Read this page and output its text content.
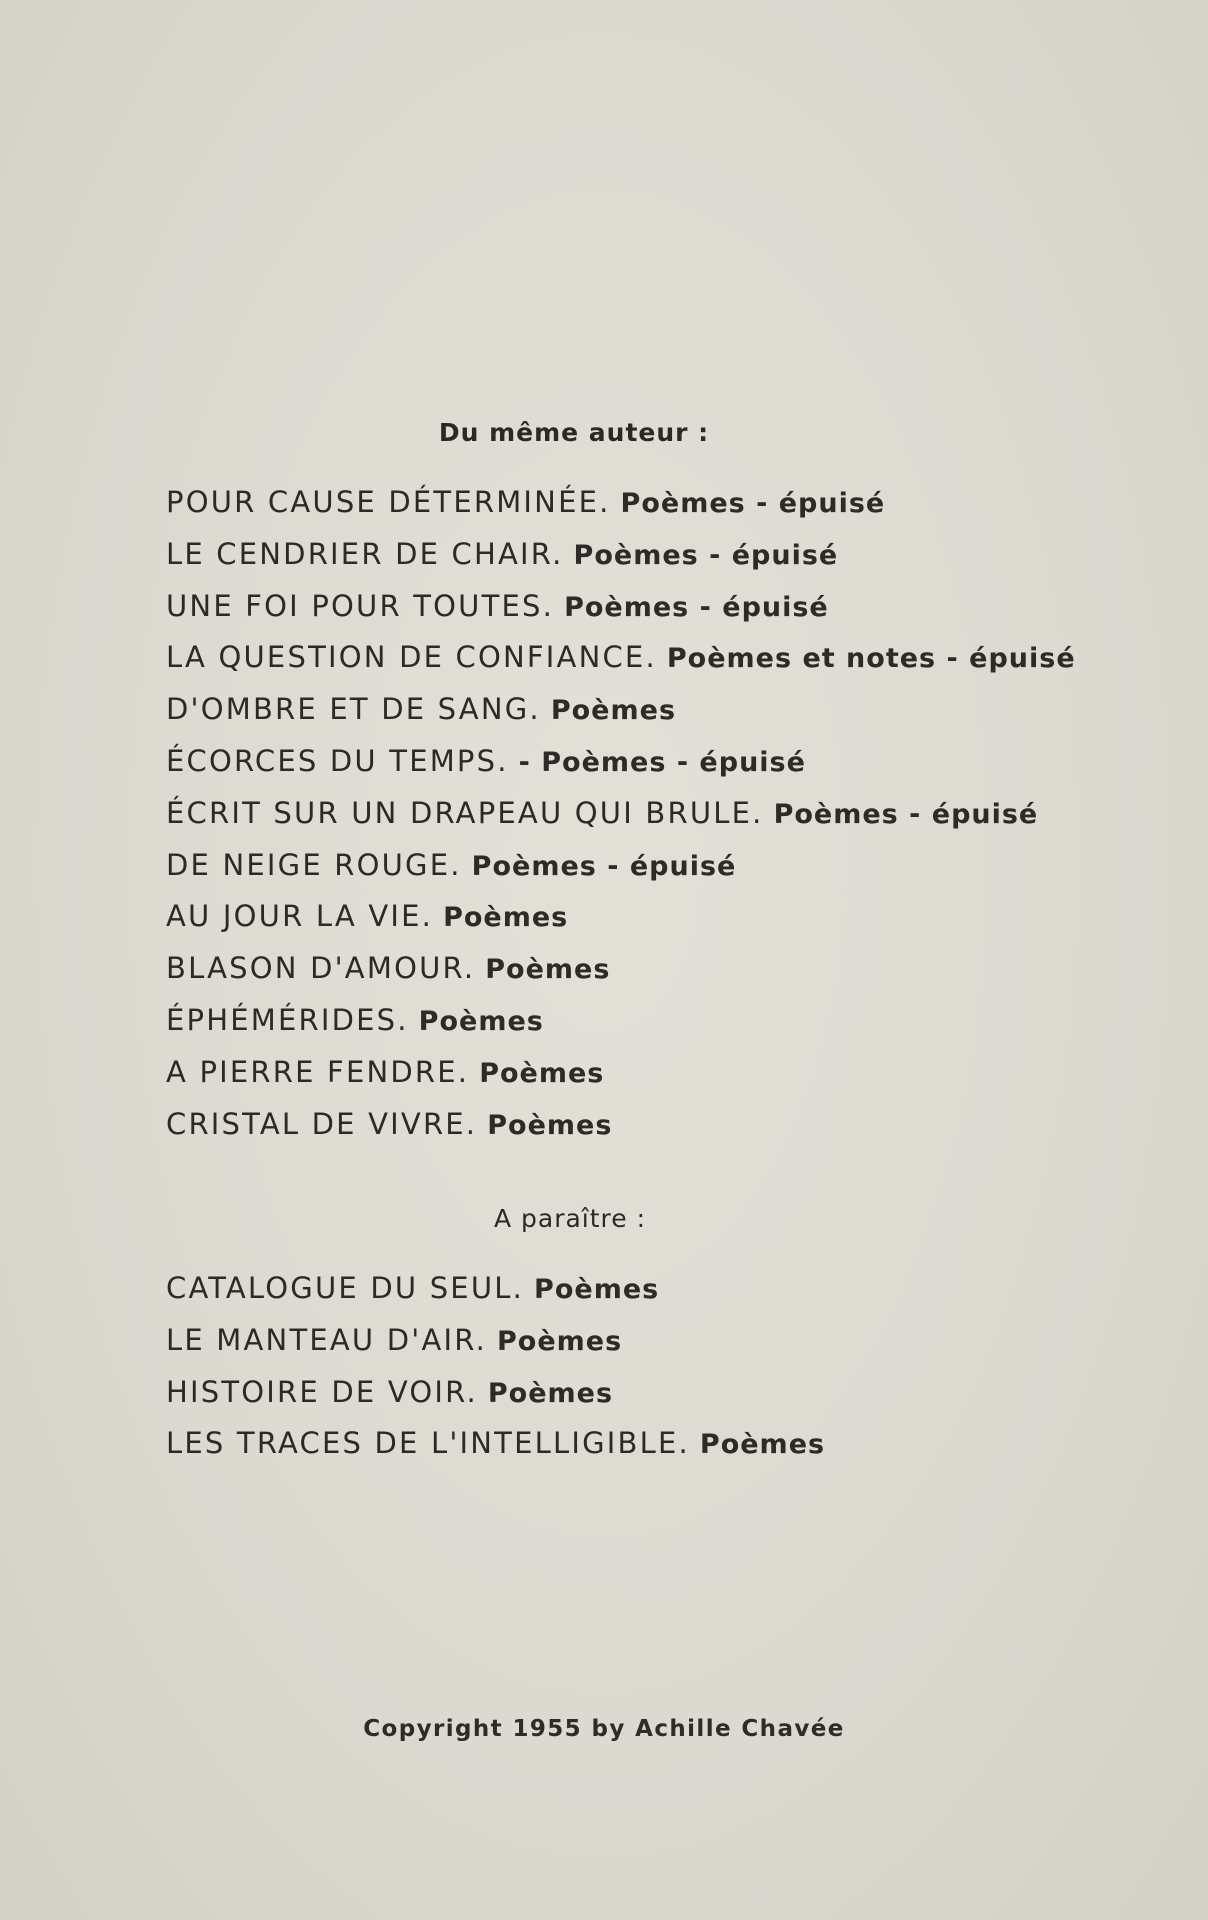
Du même auteur :
POUR CAUSE DÉTERMINÉE. Poèmes - épuisé
LE CENDRIER DE CHAIR. Poèmes - épuisé
UNE FOI POUR TOUTES. Poèmes - épuisé
LA QUESTION DE CONFIANCE. Poèmes et notes - épuisé
D'OMBRE ET DE SANG. Poèmes
ÉCORCES DU TEMPS. - Poèmes - épuisé
ÉCRIT SUR UN DRAPEAU QUI BRULE. Poèmes - épuisé
DE NEIGE ROUGE. Poèmes - épuisé
AU JOUR LA VIE. Poèmes
BLASON D'AMOUR. Poèmes
ÉPHÉMÉRIDES. Poèmes
A PIERRE FENDRE. Poèmes
CRISTAL DE VIVRE. Poèmes
A paraître :
CATALOGUE DU SEUL. Poèmes
LE MANTEAU D'AIR. Poèmes
HISTOIRE DE VOIR. Poèmes
LES TRACES DE L'INTELLIGIBLE. Poèmes
Copyright 1955 by Achille Chavée
